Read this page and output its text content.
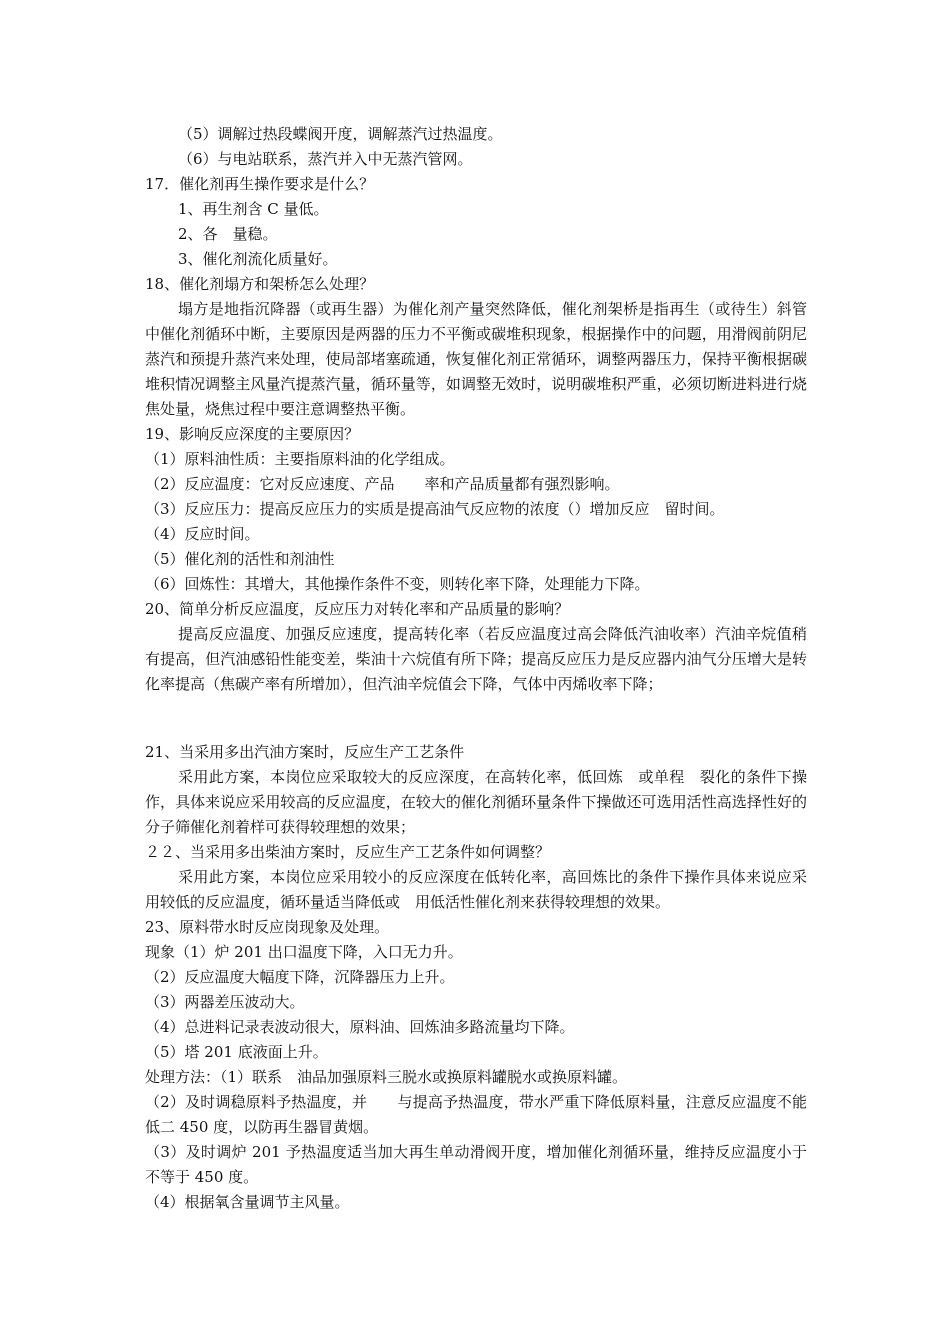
（5）调解过热段蝶阀开度，调解蒸汽过热温度。
（6）与电站联系，蒸汽并入中无蒸汽管网。
17．催化剂再生操作要求是什么？
1、再生剂含 C 量低。
2、各　量稳。
3、催化剂流化质量好。
18、催化剂塌方和架桥怎么处理？
塌方是地指沉降器（或再生器）为催化剂产量突然降低，催化剂架桥是指再生（或待生）斜管中催化剂循环中断，主要原因是两器的压力不平衡或碳堆积现象，根据操作中的问题，用滑阀前阴尼蒸汽和预提升蒸汽来处理，使局部堵塞疏通，恢复催化剂正常循环，调整两器压力，保持平衡根据碳堆积情况调整主风量汽提蒸汽量，循环量等，如调整无效时，说明碳堆积严重，必须切断进料进行烧焦处量，烧焦过程中要注意调整热平衡。
19、影响反应深度的主要原因？
（1）原料油性质：主要指原料油的化学组成。
（2）反应温度：它对反应速度、产品　　率和产品质量都有强烈影响。
（3）反应压力：提高反应压力的实质是提高油气反应物的浓度（）增加反应　留时间。
（4）反应时间。
（5）催化剂的活性和剂油性
（6）回炼性：其增大，其他操作条件不变，则转化率下降，处理能力下降。
20、简单分析反应温度，反应压力对转化率和产品质量的影响？
提高反应温度、加强反应速度，提高转化率（若反应温度过高会降低汽油收率）汽油辛烷值稍有提高，但汽油感铅性能变差，柴油十六烷值有所下降；提高反应压力是反应器内油气分压增大是转化率提高（焦碳产率有所增加），但汽油辛烷值会下降，气体中丙烯收率下降；
21、当采用多出汽油方案时，反应生产工艺条件
采用此方案，本岗位应采取较大的反应深度，在高转化率，低回炼　或单程　裂化的条件下操作，具体来说应采用较高的反应温度，在较大的催化剂循环量条件下操做还可选用活性高选择性好的分子筛催化剂着样可获得较理想的效果；
２２、当采用多出柴油方案时，反应生产工艺条件如何调整？
采用此方案，本岗位应采用较小的反应深度在低转化率，高回炼比的条件下操作具体来说应采用较低的反应温度，循环量适当降低或　用低活性催化剂来获得较理想的效果。
23、原料带水时反应岗现象及处理。
现象（1）炉 201 出口温度下降，入口无力升。
（2）反应温度大幅度下降，沉降器压力上升。
（3）两器差压波动大。
（4）总进料记录表波动很大，原料油、回炼油多路流量均下降。
（5）塔 201 底液面上升。
处理方法：（1）联系　油品加强原料三脱水或换原料罐脱水或换原料罐。
（2）及时调稳原料予热温度，并　　与提高予热温度，带水严重下降低原料量，注意反应温度不能低二 450 度，以防再生器冒黄烟。
（3）及时调炉 201 予热温度适当加大再生单动滑阀开度，增加催化剂循环量，维持反应温度小于不等于 450 度。
（4）根据氧含量调节主风量。
